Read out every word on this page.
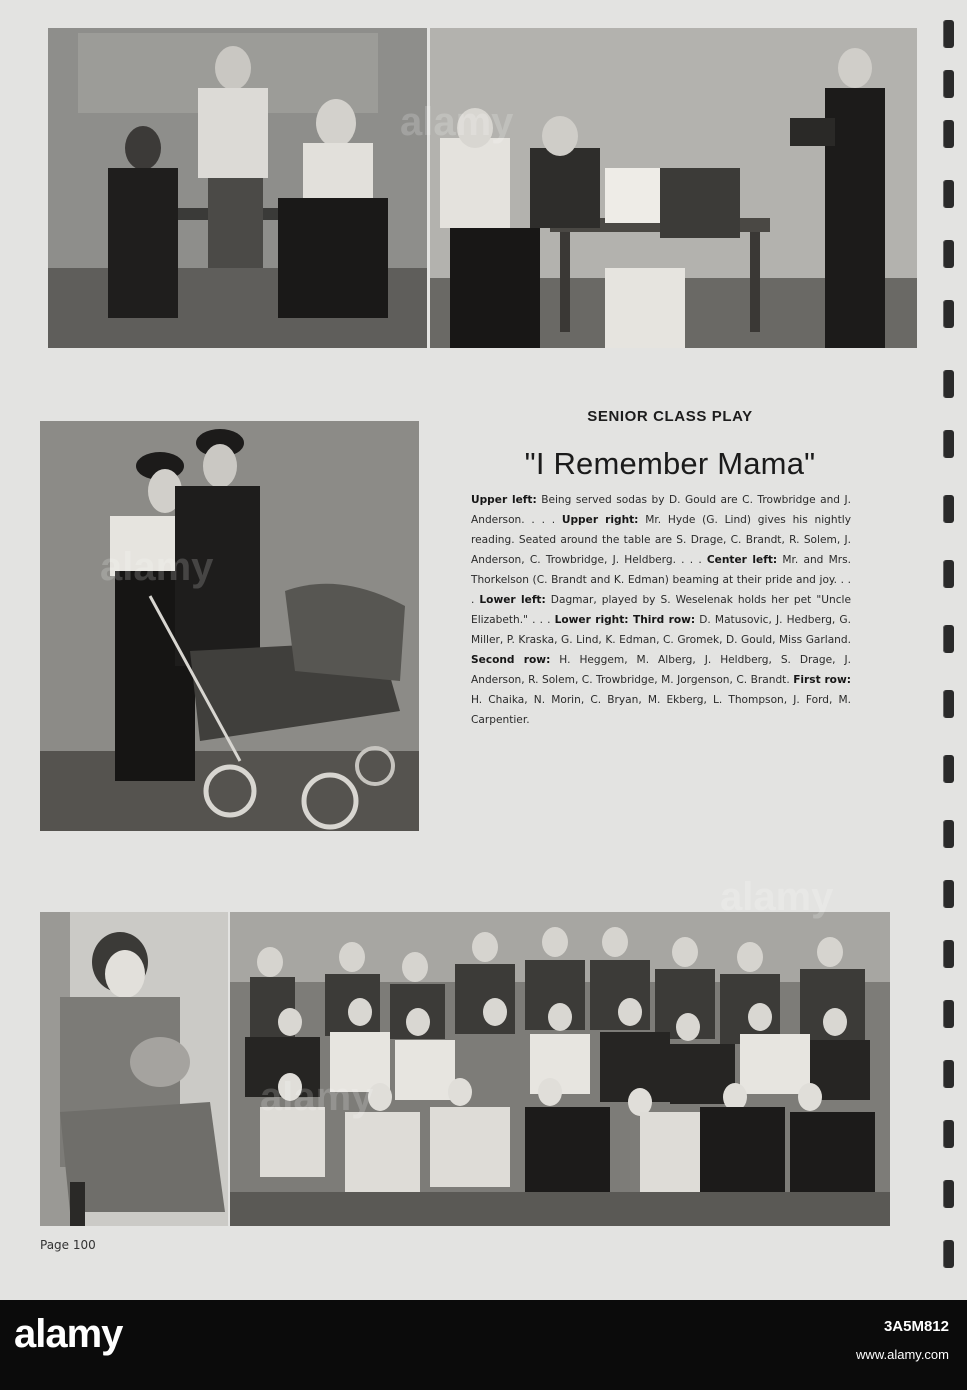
SENIOR CLASS PLAY
"I Remember Mama"
Upper left: Being served sodas by D. Gould are C. Trowbridge and J. Anderson. . . . Upper right: Mr. Hyde (G. Lind) gives his nightly reading. Seated around the table are S. Drage, C. Brandt, R. Solem, J. Anderson, C. Trowbridge, J. Heldberg. . . . Center left: Mr. and Mrs. Thorkelson (C. Brandt and K. Edman) beaming at their pride and joy. . . . Lower left: Dagmar, played by S. Weselenak holds her pet "Uncle Elizabeth." . . . Lower right: Third row: D. Matusovic, J. Hedberg, G. Miller, P. Kraska, G. Lind, K. Edman, C. Gromek, D. Gould, Miss Garland. Second row: H. Heggem, M. Alberg, J. Heldberg, S. Drage, J. Anderson, R. Solem, C. Trowbridge, M. Jorgenson, C. Brandt. First row: H. Chaika, N. Morin, C. Bryan, M. Ekberg, L. Thompson, J. Ford, M. Carpentier.
Page 100
alamy
alamy
alamy
alamy
alamy	3A5M812
www.alamy.com
